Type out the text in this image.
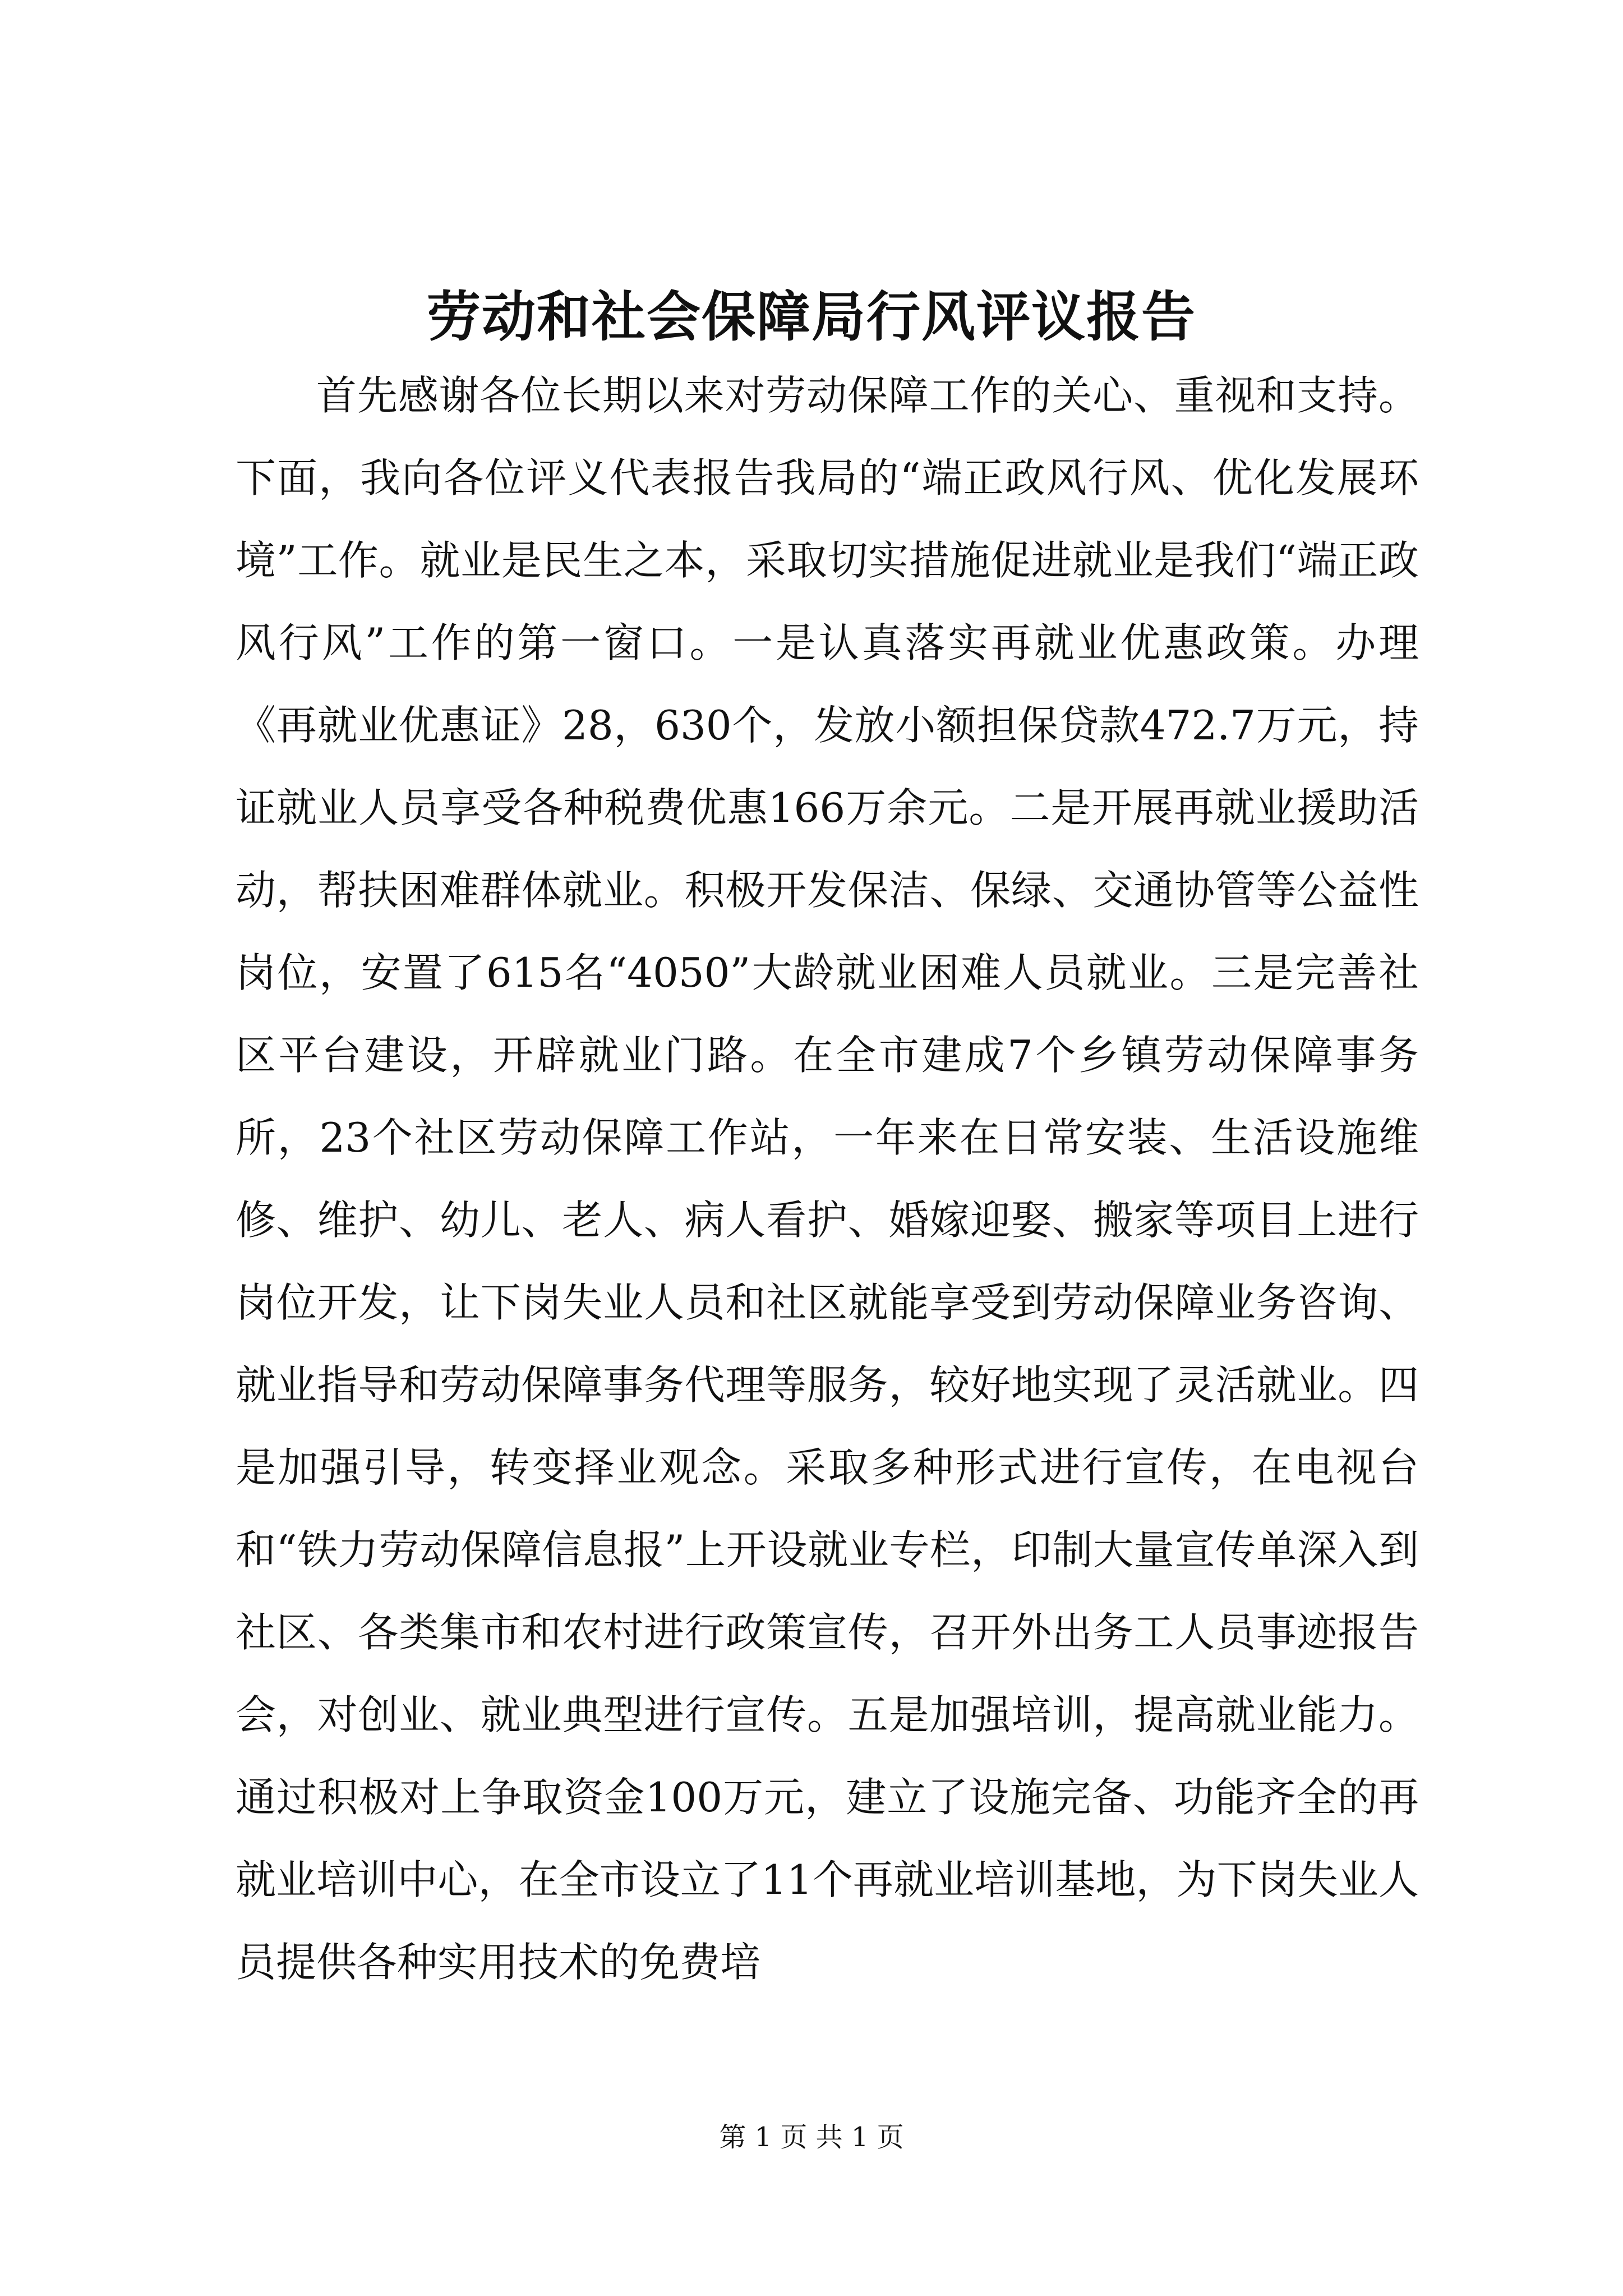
劳动和社会保障局行风评议报告

首先感谢各位长期以来对劳动保障工作的关心、重视和支持。下面，我向各位评义代表报告我局的“端正政风行风、优化发展环境”工作。就业是民生之本，采取切实措施促进就业是我们“端正政风行风”工作的第一窗口。一是认真落实再就业优惠政策。办理《再就业优惠证》28，630个，发放小额担保贷款472.7万元，持证就业人员享受各种税费优惠166万余元。二是开展再就业援助活动，帮扶困难群体就业。积极开发保洁、保绿、交通协管等公益性岗位，安置了615名“4050”大龄就业困难人员就业。三是完善社区平台建设，开辟就业门路。在全市建成7个乡镇劳动保障事务所，23个社区劳动保障工作站，一年来在日常安装、生活设施维修、维护、幼儿、老人、病人看护、婚嫁迎娶、搬家等项目上进行岗位开发，让下岗失业人员和社区就能享受到劳动保障业务咨询、就业指导和劳动保障事务代理等服务，较好地实现了灵活就业。四是加强引导，转变择业观念。采取多种形式进行宣传，在电视台和“铁力劳动保障信息报”上开设就业专栏，印制大量宣传单深入到社区、各类集市和农村进行政策宣传，召开外出务工人员事迹报告会，对创业、就业典型进行宣传。五是加强培训，提高就业能力。通过积极对上争取资金100万元，建立了设施完备、功能齐全的再就业培训中心，在全市设立了11个再就业培训基地，为下岗失业人员提供各种实用技术的免费培

第 1 页 共 1 页
